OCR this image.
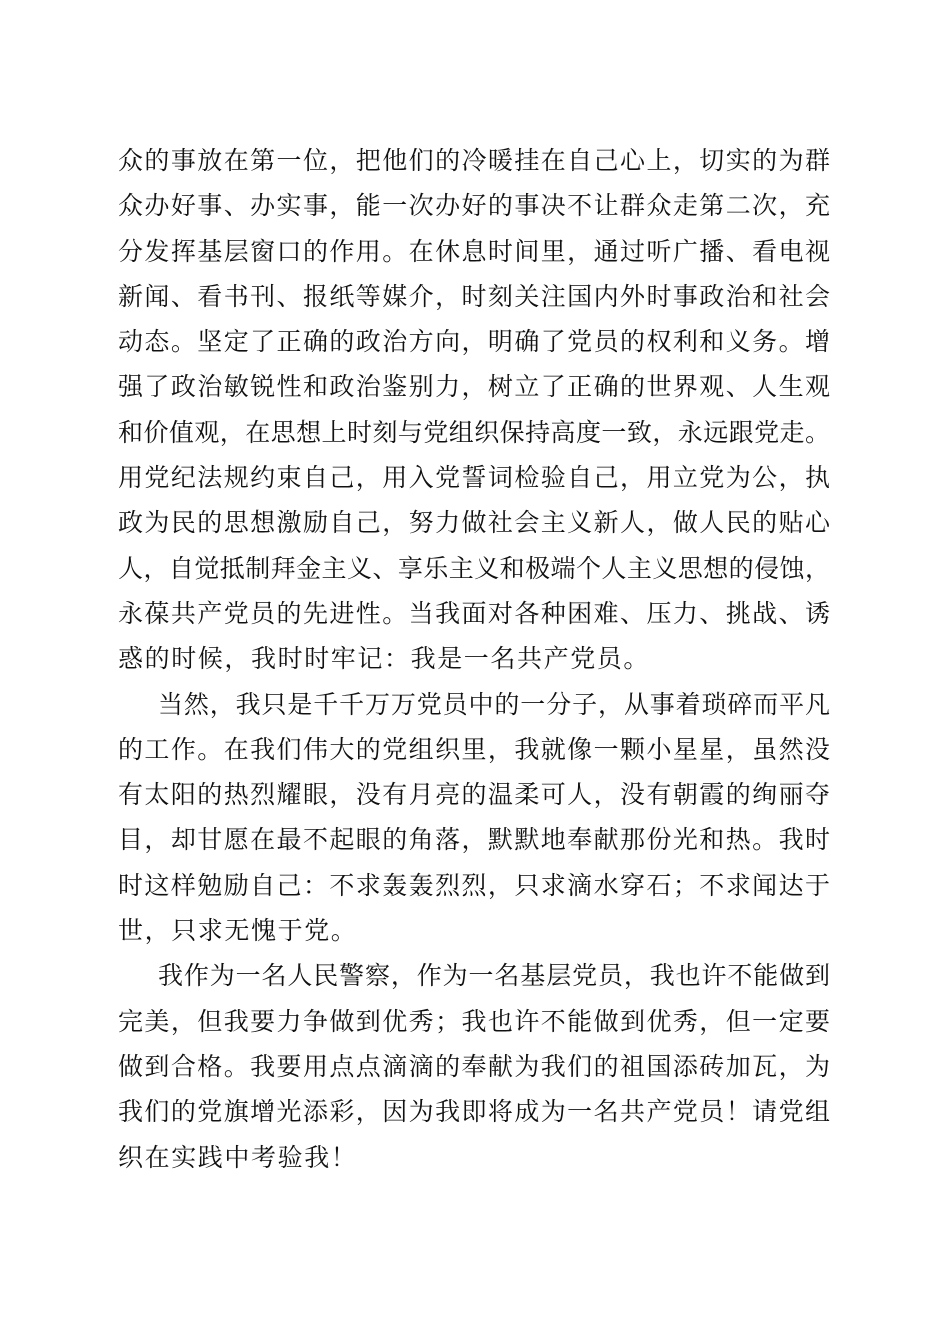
众的事放在第一位，把他们的冷暖挂在自己心上，切实的为群
众办好事、办实事，能一次办好的事决不让群众走第二次，充
分发挥基层窗口的作用。在休息时间里，通过听广播、看电视
新闻、看书刊、报纸等媒介，时刻关注国内外时事政治和社会
动态。坚定了正确的政治方向，明确了党员的权利和义务。增
强了政治敏锐性和政治鉴别力，树立了正确的世界观、人生观
和价值观，在思想上时刻与党组织保持高度一致，永远跟党走。
用党纪法规约束自己，用入党誓词检验自己，用立党为公，执
政为民的思想激励自己，努力做社会主义新人，做人民的贴心
人，自觉抵制拜金主义、享乐主义和极端个人主义思想的侵蚀，
永葆共产党员的先进性。当我面对各种困难、压力、挑战、诱
惑的时候，我时时牢记：我是一名共产党员。
当然，我只是千千万万党员中的一分子，从事着琐碎而平凡
的工作。在我们伟大的党组织里，我就像一颗小星星，虽然没
有太阳的热烈耀眼，没有月亮的温柔可人，没有朝霞的绚丽夺
目，却甘愿在最不起眼的角落，默默地奉献那份光和热。我时
时这样勉励自己：不求轰轰烈烈，只求滴水穿石；不求闻达于
世，只求无愧于党。
我作为一名人民警察，作为一名基层党员，我也许不能做到
完美，但我要力争做到优秀；我也许不能做到优秀，但一定要
做到合格。我要用点点滴滴的奉献为我们的祖国添砖加瓦，为
我们的党旗增光添彩，因为我即将成为一名共产党员！请党组
织在实践中考验我！
